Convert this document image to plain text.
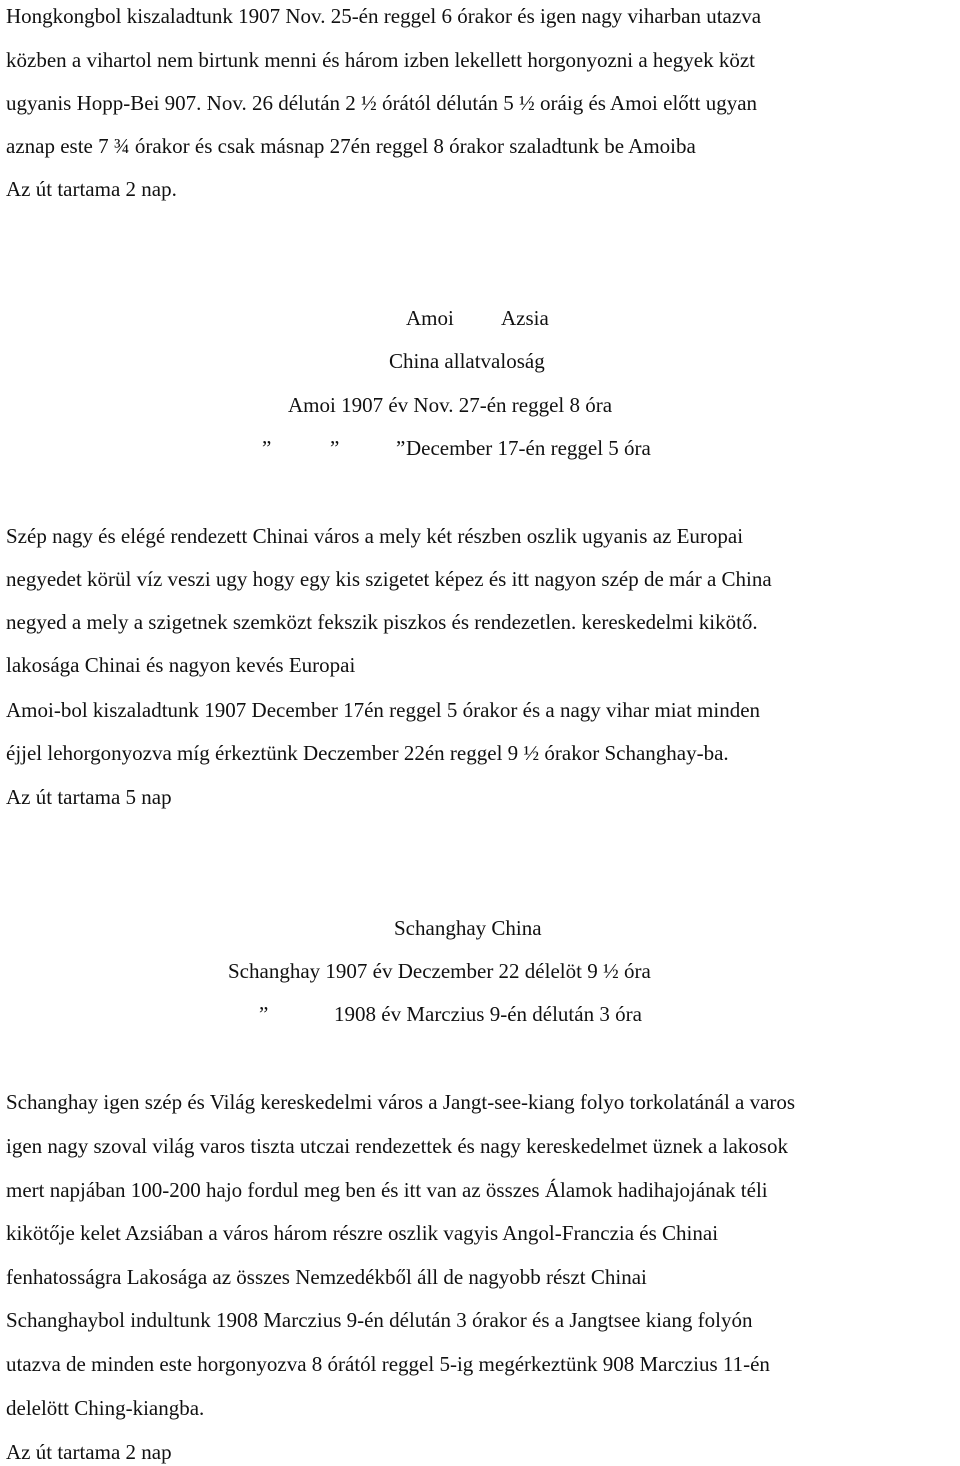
Hongkongbol kiszaladtunk 1907 Nov. 25-én reggel 6 órakor és igen nagy viharban utazva
közben a vihartol nem birtunk menni és három izben lekellett horgonyozni a hegyek közt
ugyanis Hopp-Bei 907. Nov. 26 délután 2 ½ órától délután 5 ½ oráig és Amoi előtt ugyan
aznap este 7 ¾ órakor és csak másnap 27én reggel 8 órakor szaladtunk be Amoiba
Az út tartama 2 nap.
Amoi Azsia
China allatvaloság
Amoi 1907 év Nov. 27-én reggel 8 óra
”	”	” December 17-én reggel 5 óra
Szép nagy és elégé rendezett Chinai város a mely két részben oszlik ugyanis az Europai
negyedet körül víz veszi ugy hogy egy kis szigetet képez és itt nagyon szép de már a China
negyed a mely a szigetnek szemközt fekszik piszkos és rendezetlen. kereskedelmi kikötő.
lakosága Chinai és nagyon kevés Europai
Amoi-bol kiszaladtunk 1907 December 17én reggel 5 órakor és a nagy vihar miat minden
éjjel lehorgonyozva míg érkeztünk Deczember 22én reggel 9 ½ órakor Schanghay-ba.
Az út tartama 5 nap
Schanghay China
Schanghay 1907 év Deczember 22 délelöt 9 ½ óra
”	1908 év Marczius 9-én délután 3 óra
Schanghay igen szép és Világ kereskedelmi város a Jangt-see-kiang folyo torkolatánál a varos
igen nagy szoval világ varos tiszta utczai rendezettek és nagy kereskedelmet üznek a lakosok
mert napjában 100-200 hajo fordul meg ben és itt van az összes Álamok hadihajojának téli
kikötője kelet Azsiában a város három részre oszlik vagyis Angol-Franczia és Chinai
fenhatosságra Lakosága az összes Nemzedékből áll de nagyobb részt Chinai
Schanghaybol indultunk 1908 Marczius 9-én délután 3 órakor és a Jangtsee kiang folyón
utazva de minden este horgonyozva 8 órától reggel 5-ig megérkeztünk 908 Marczius 11-én
delelött Ching-kiangba.
Az út tartama 2 nap
